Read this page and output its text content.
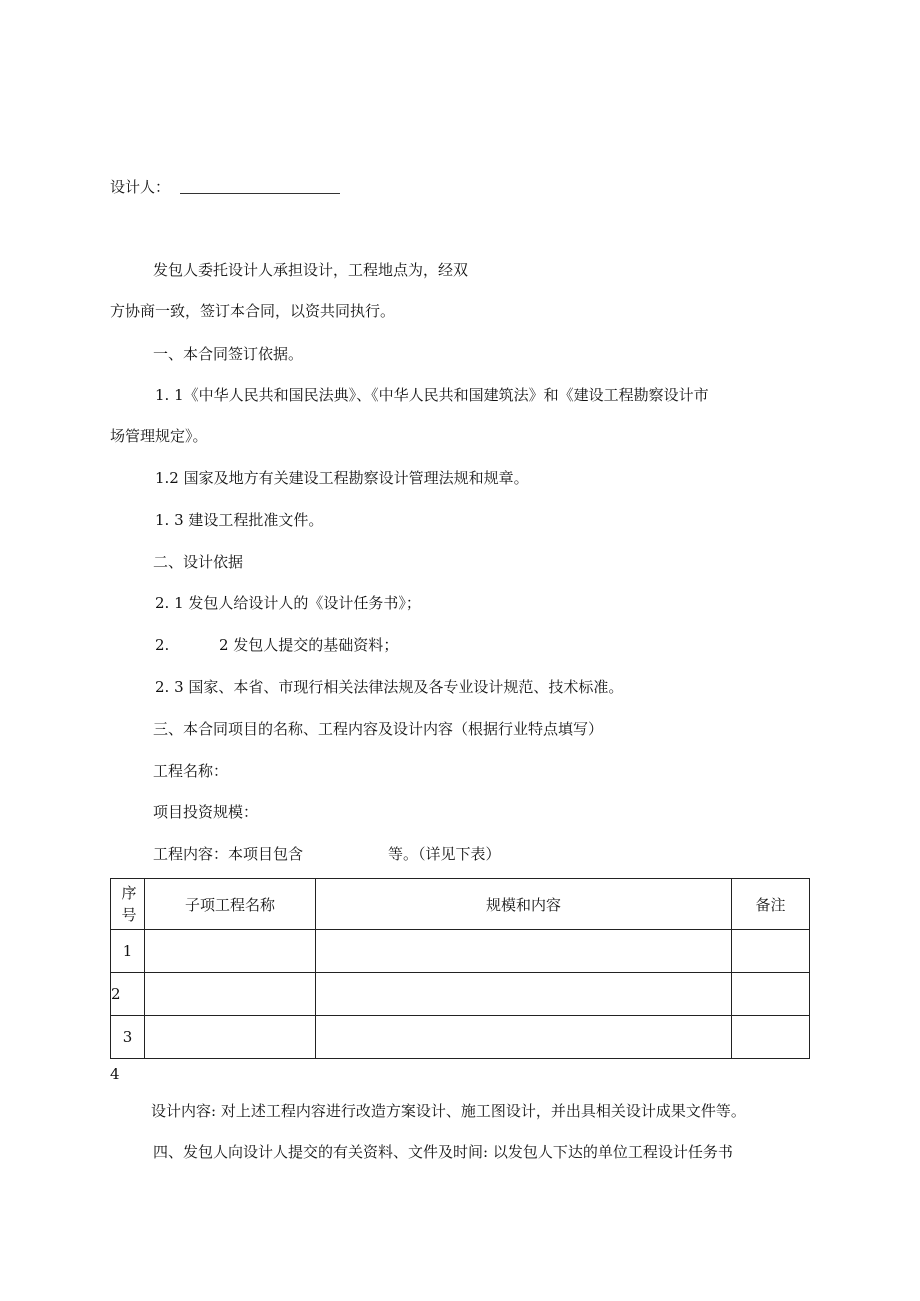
设计人：
发包人委托设计人承担设计，工程地点为，经双
方协商一致，签订本合同，以资共同执行。
一、本合同签订依据。
1. 1《中华人民共和国民法典》、《中华人民共和国建筑法》和《建设工程勘察设计市
场管理规定》。
1.2 国家及地方有关建设工程勘察设计管理法规和规章。
1. 3 建设工程批准文件。
二、设计依据
2. 1 发包人给设计人的《设计任务书》；
2.	2 发包人提交的基础资料；
2. 3 国家、本省、市现行相关法律法规及各专业设计规范、技术标准。
三、本合同项目的名称、工程内容及设计内容（根据行业特点填写）
工程名称：
项目投资规模：
工程内容：本项目包含	等。（详见下表）
序号	子项工程名称	规模和内容	备注
1			
2			
3			
4
设计内容: 对上述工程内容进行改造方案设计、施工图设计，并出具相关设计成果文件等。
四、发包人向设计人提交的有关资料、文件及时间: 以发包人下达的单位工程设计任务书
